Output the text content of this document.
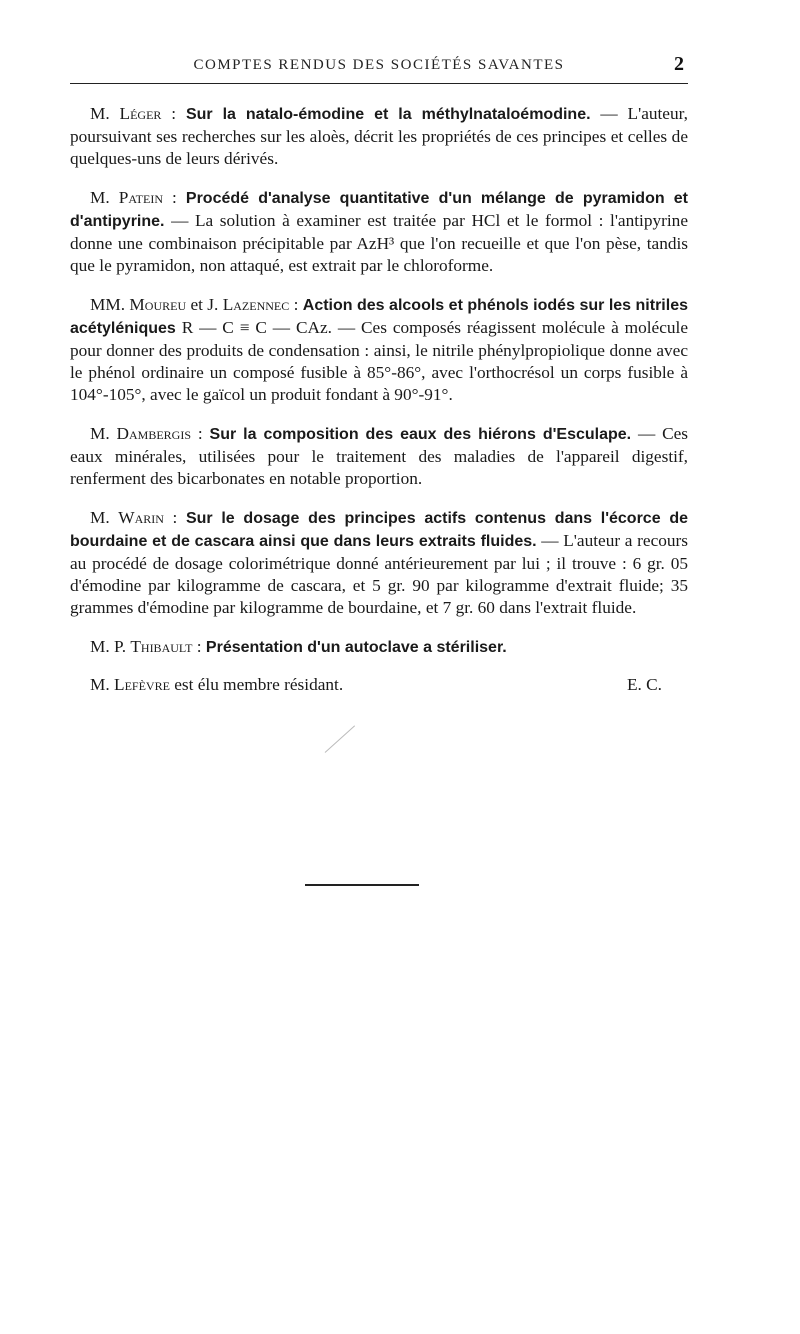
COMPTES RENDUS DES SOCIÉTÉS SAVANTES	2

M. Léger : Sur la natalo-émodine et la méthylnataloémodine. — L'auteur, poursuivant ses recherches sur les aloès, décrit les propriétés de ces principes et celles de quelques-uns de leurs dérivés.

M. Patein : Procédé d'analyse quantitative d'un mélange de pyramidon et d'antipyrine. — La solution à examiner est traitée par HCl et le formol : l'antipyrine donne une combinaison précipitable par AzH³ que l'on recueille et que l'on pèse, tandis que le pyramidon, non attaqué, est extrait par le chloroforme.

MM. Moureu et J. Lazennec : Action des alcools et phénols iodés sur les nitriles acétyléniques R — C ≡ C — CAz. — Ces composés réagissent molécule à molécule pour donner des produits de condensation : ainsi, le nitrile phénylpropiolique donne avec le phénol ordinaire un composé fusible à 85°-86°, avec l'orthocrésol un corps fusible à 104°-105°, avec le gaïcol un produit fondant à 90°-91°.

M. Dambergis : Sur la composition des eaux des hiérons d'Esculape. — Ces eaux minérales, utilisées pour le traitement des maladies de l'appareil digestif, renferment des bicarbonates en notable proportion.

M. Warin : Sur le dosage des principes actifs contenus dans l'écorce de bourdaine et de cascara ainsi que dans leurs extraits fluides. — L'auteur a recours au procédé de dosage colorimétrique donné antérieurement par lui ; il trouve : 6 gr. 05 d'émodine par kilogramme de cascara, et 5 gr. 90 par kilogramme d'extrait fluide; 35 grammes d'émodine par kilogramme de bourdaine, et 7 gr. 60 dans l'extrait fluide.

M. P. Thibault : Présentation d'un autoclave a stériliser.

M. Lefèvre est élu membre résidant.	E. C.
